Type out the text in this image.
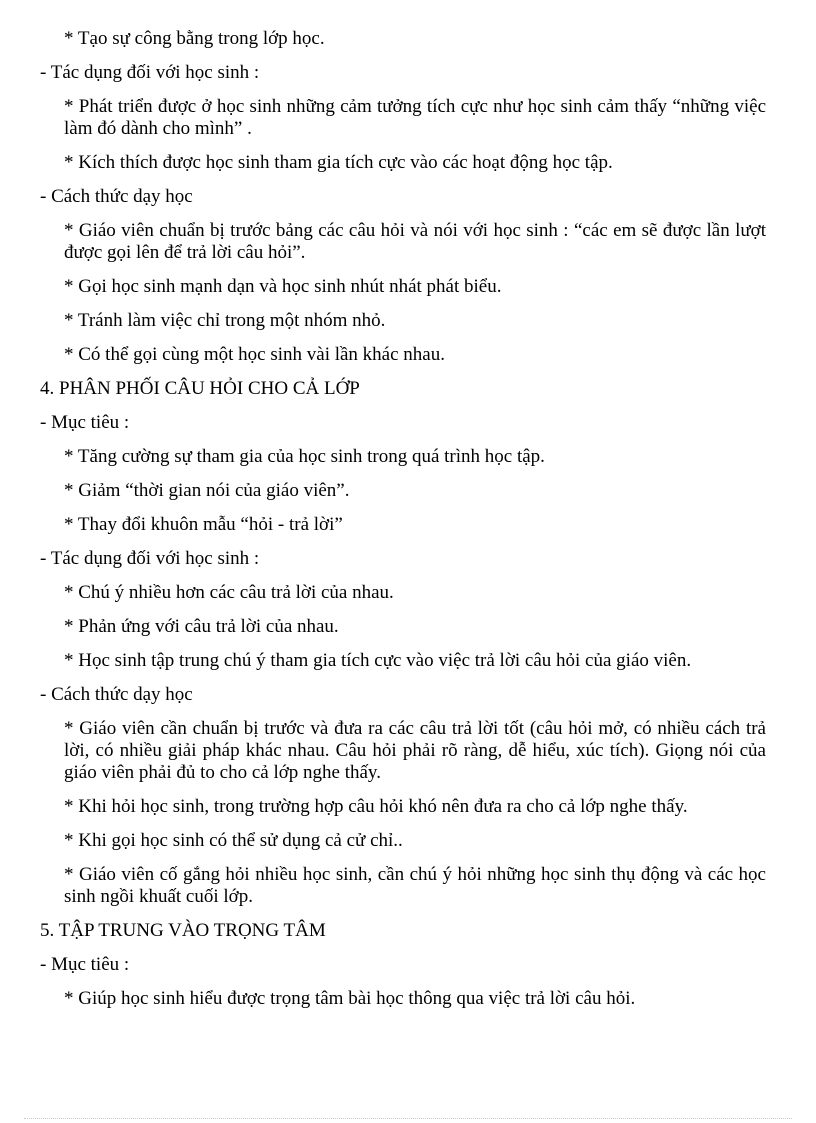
* Tạo sự công bằng trong lớp học.

- Tác dụng đối với học sinh :

* Phát triển được ở học sinh những cảm tưởng tích cực như học sinh cảm thấy “những việc làm đó dành cho mình” .

* Kích thích được học sinh tham gia tích cực vào các hoạt động học tập.

- Cách thức dạy học

* Giáo viên chuẩn bị trước bảng các câu hỏi và nói với học sinh : “các em sẽ được lần lượt được gọi lên để trả lời câu hỏi”.

* Gọi học sinh mạnh dạn và học sinh nhút nhát phát biểu.

* Tránh làm việc chỉ trong một nhóm nhỏ.

* Có thể gọi cùng một học sinh vài lần khác nhau.

4. PHÂN PHỐI CÂU HỎI CHO CẢ LỚP

- Mục tiêu :

* Tăng cường sự tham gia của học sinh trong quá trình học tập.

* Giảm “thời gian nói của giáo viên”.

* Thay đổi khuôn mẫu “hỏi - trả lời”

- Tác dụng đối với học sinh :

* Chú ý nhiều hơn các câu trả lời của nhau.

* Phản ứng với câu trả lời của nhau.

* Học sinh tập trung chú ý tham gia tích cực vào việc trả lời câu hỏi của giáo viên.

- Cách thức dạy học

* Giáo viên cần chuẩn bị trước và đưa ra các câu trả lời tốt (câu hỏi mở, có nhiều cách trả lời, có nhiều giải pháp khác nhau. Câu hỏi phải rõ ràng, dễ hiểu, xúc tích). Giọng nói của giáo viên phải đủ to cho cả lớp nghe thấy.
* Khi hỏi học sinh, trong trường hợp câu hỏi khó nên đưa ra cho cả lớp nghe thấy.

* Khi gọi học sinh có thể sử dụng cả cử chỉ..

* Giáo viên cố gắng hỏi nhiều học sinh, cần chú ý hỏi những học sinh thụ động và các học sinh ngồi khuất cuối lớp.

5. TẬP TRUNG VÀO TRỌNG TÂM

- Mục tiêu :

* Giúp học sinh hiểu được trọng tâm bài học thông qua việc trả lời câu hỏi.
